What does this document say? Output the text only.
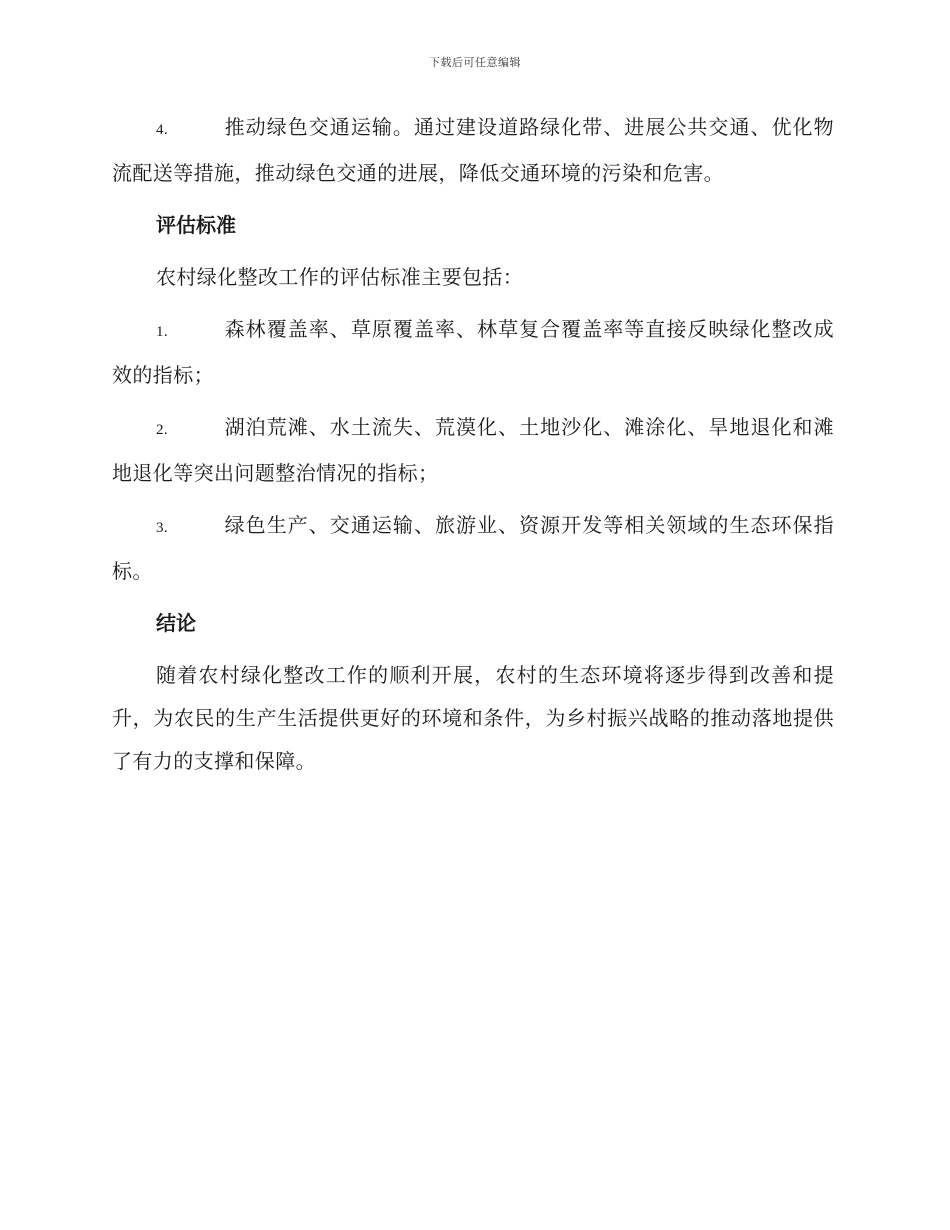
下载后可任意编辑

4.	推动绿色交通运输。通过建设道路绿化带、进展公共交通、优化物流配送等措施，推动绿色交通的进展，降低交通环境的污染和危害。

评估标准

农村绿化整改工作的评估标准主要包括：

1.	森林覆盖率、草原覆盖率、林草复合覆盖率等直接反映绿化整改成效的指标；

2.	湖泊荒滩、水土流失、荒漠化、土地沙化、滩涂化、旱地退化和滩地退化等突出问题整治情况的指标；

3.	绿色生产、交通运输、旅游业、资源开发等相关领域的生态环保指标。

结论

随着农村绿化整改工作的顺利开展，农村的生态环境将逐步得到改善和提升，为农民的生产生活提供更好的环境和条件，为乡村振兴战略的推动落地提供了有力的支撑和保障。
